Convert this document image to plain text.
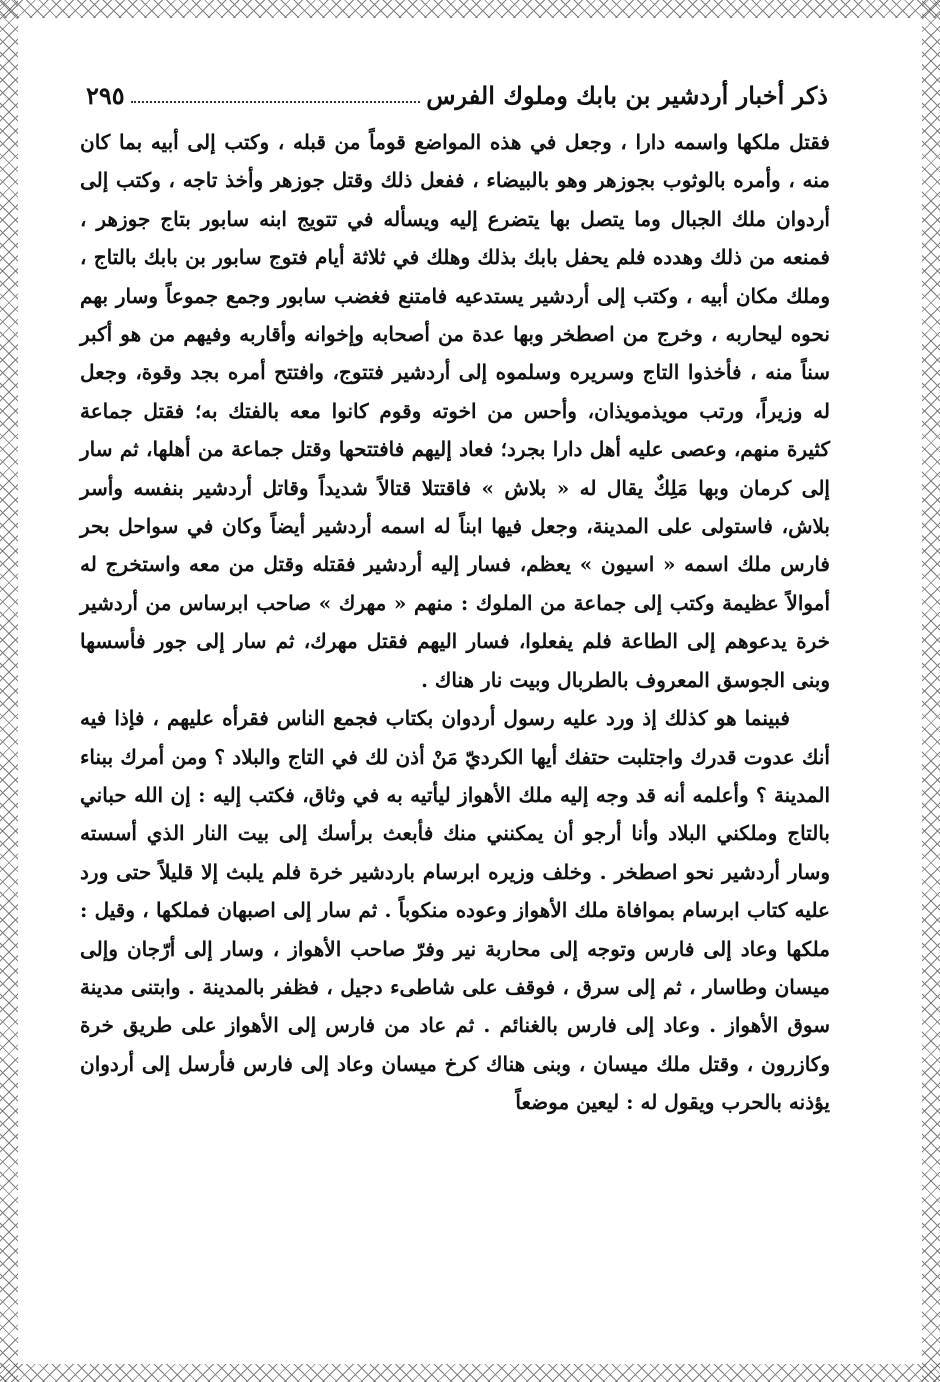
٢٩٥	ذكر أخبار أردشير بن بابك وملوك الفرس

فقتل ملكها واسمه دارا ، وجعل في هذه المواضع قوماً من قبله ، وكتب إلى أبيه بما كان منه ، وأمره بالوثوب بجوزهر وهو بالبيضاء ، ففعل ذلك وقتل جوزهر وأخذ تاجه ، وكتب إلى أردوان ملك الجبال وما يتصل بها يتضرع إليه ويسأله في تتويج ابنه سابور بتاج جوزهر ، فمنعه من ذلك وهدده فلم يحفل بابك بذلك وهلك في ثلاثة أيام فتوج سابور بن بابك بالتاج ، وملك مكان أبيه ، وكتب إلى أردشير يستدعيه فامتنع فغضب سابور وجمع جموعاً وسار بهم نحوه ليحاربه ، وخرج من اصطخر وبها عدة من أصحابه وإخوانه وأقاربه وفيهم من هو أكبر سناً منه ، فأخذوا التاج وسريره وسلموه إلى أردشير فتتوج، وافتتح أمره بجد وقوة، وجعل له وزيراً، ورتب مويذمويذان، وأحس من اخوته وقوم كانوا معه بالفتك به؛ فقتل جماعة كثيرة منهم، وعصى عليه أهل دارا بجرد؛ فعاد إليهم فافتتحها وقتل جماعة من أهلها، ثم سار إلى كرمان وبها مَلِكٌ يقال له « بلاش » فاقتتلا قتالاً شديداً وقاتل أردشير بنفسه وأسر بلاش، فاستولى على المدينة، وجعل فيها ابناً له اسمه أردشير أيضاً وكان في سواحل بحر فارس ملك اسمه « اسيون » يعظم، فسار إليه أردشير فقتله وقتل من معه واستخرج له أموالاً عظيمة وكتب إلى جماعة من الملوك : منهم « مهرك » صاحب ابرساس من أردشير خرة يدعوهم إلى الطاعة فلم يفعلوا، فسار اليهم فقتل مهرك، ثم سار إلى جور فأسسها وبنى الجوسق المعروف بالطربال وبيت نار هناك .

فبينما هو كذلك إذ ورد عليه رسول أردوان بكتاب فجمع الناس فقرأه عليهم ، فإذا فيه أنك عدوت قدرك واجتلبت حتفك أيها الكرديّ مَنْ أذن لك في التاج والبلاد ؟ ومن أمرك ببناء المدينة ؟ وأعلمه أنه قد وجه إليه ملك الأهواز ليأتيه به في وثاق، فكتب إليه : إن الله حباني بالتاج وملكني البلاد وأنا أرجو أن يمكنني منك فأبعث برأسك إلى بيت النار الذي أسسته وسار أردشير نحو اصطخر . وخلف وزيره ابرسام باردشير خرة فلم يلبث إلا قليلاً حتى ورد عليه كتاب ابرسام بموافاة ملك الأهواز وعوده منكوباً . ثم سار إلى اصبهان فملكها ، وقيل : ملكها وعاد إلى فارس وتوجه إلى محاربة نير وفرّ صاحب الأهواز ، وسار إلى أرّجان وإلى ميسان وطاسار ، ثم إلى سرق ، فوقف على شاطىء دجيل ، فظفر بالمدينة . وابتنى مدينة سوق الأهواز . وعاد إلى فارس بالغنائم . ثم عاد من فارس إلى الأهواز على طريق خرة وكازرون ، وقتل ملك ميسان ، وبنى هناك كرخ ميسان وعاد إلى فارس فأرسل إلى أردوان يؤذنه بالحرب ويقول له : ليعين موضعاً
